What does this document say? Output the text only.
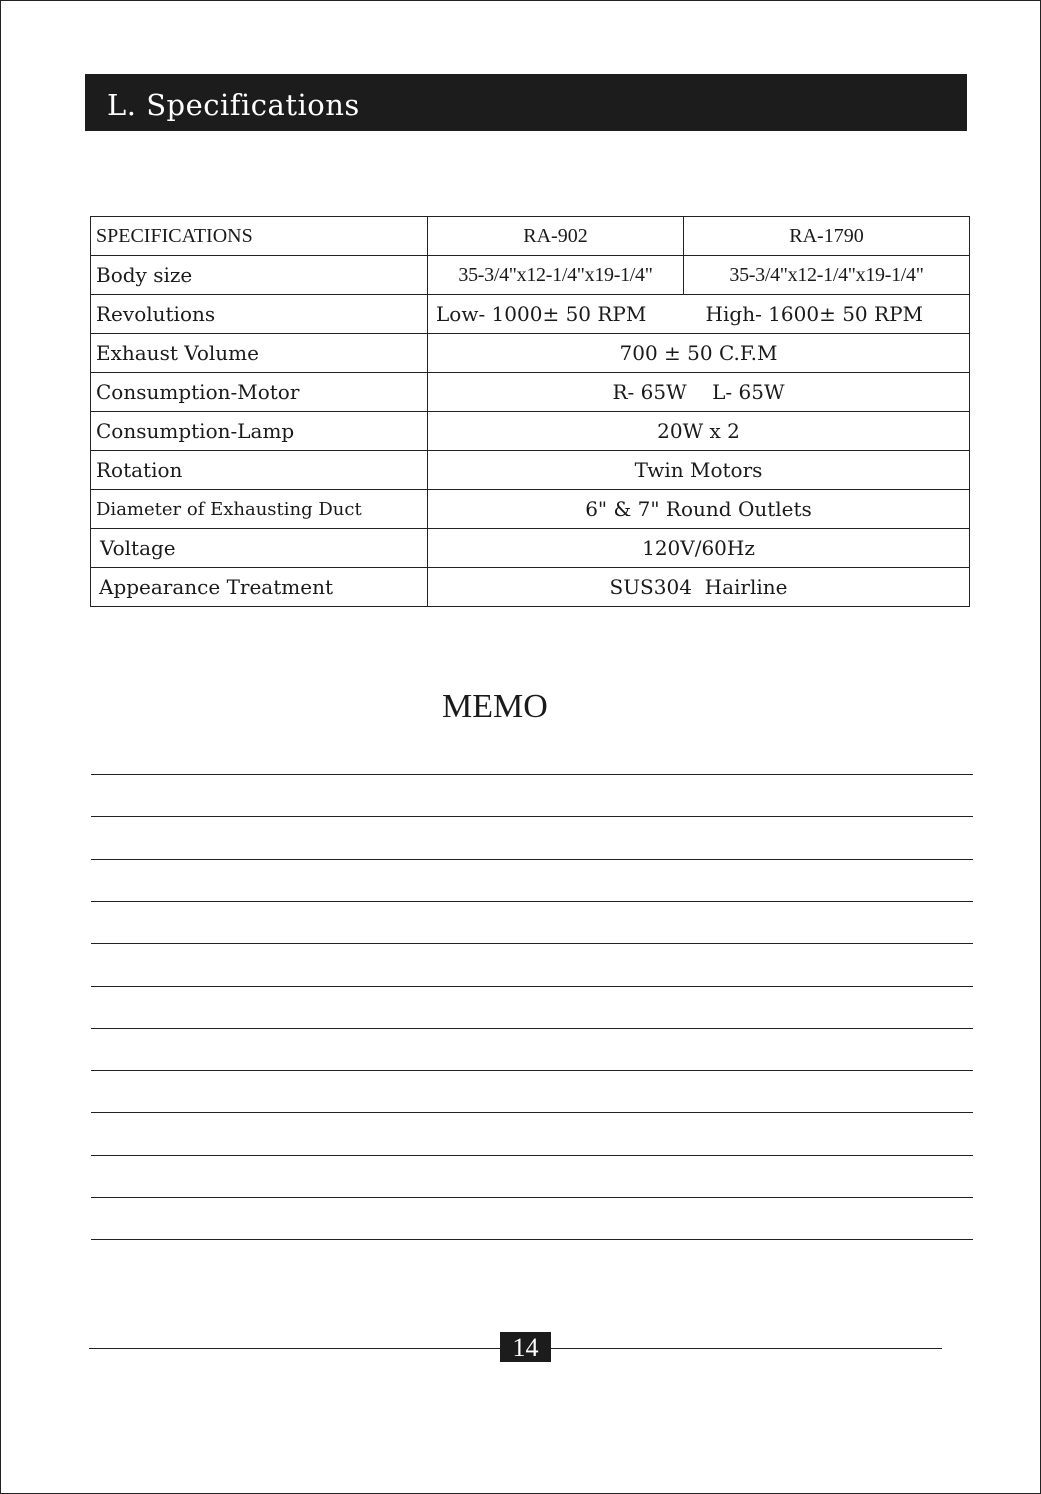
L. Specifications
SPECIFICATIONS	RA-902	RA-1790
Body size	35-3/4"x12-1/4"x19-1/4"	35-3/4"x12-1/4"x19-1/4"
Revolutions	Low- 1000± 50 RPM High- 1600± 50 RPM	

Exhaust Volume	700 ± 50 C.F.M	
Consumption-Motor	R- 65W    L- 65W	
Consumption-Lamp	20W x 2	
Rotation	Twin Motors	
Diameter of Exhausting Duct	6" & 7" Round Outlets	
Voltage	120V/60Hz	
Appearance Treatment	SUS304  Hairline	
MEMO
14
